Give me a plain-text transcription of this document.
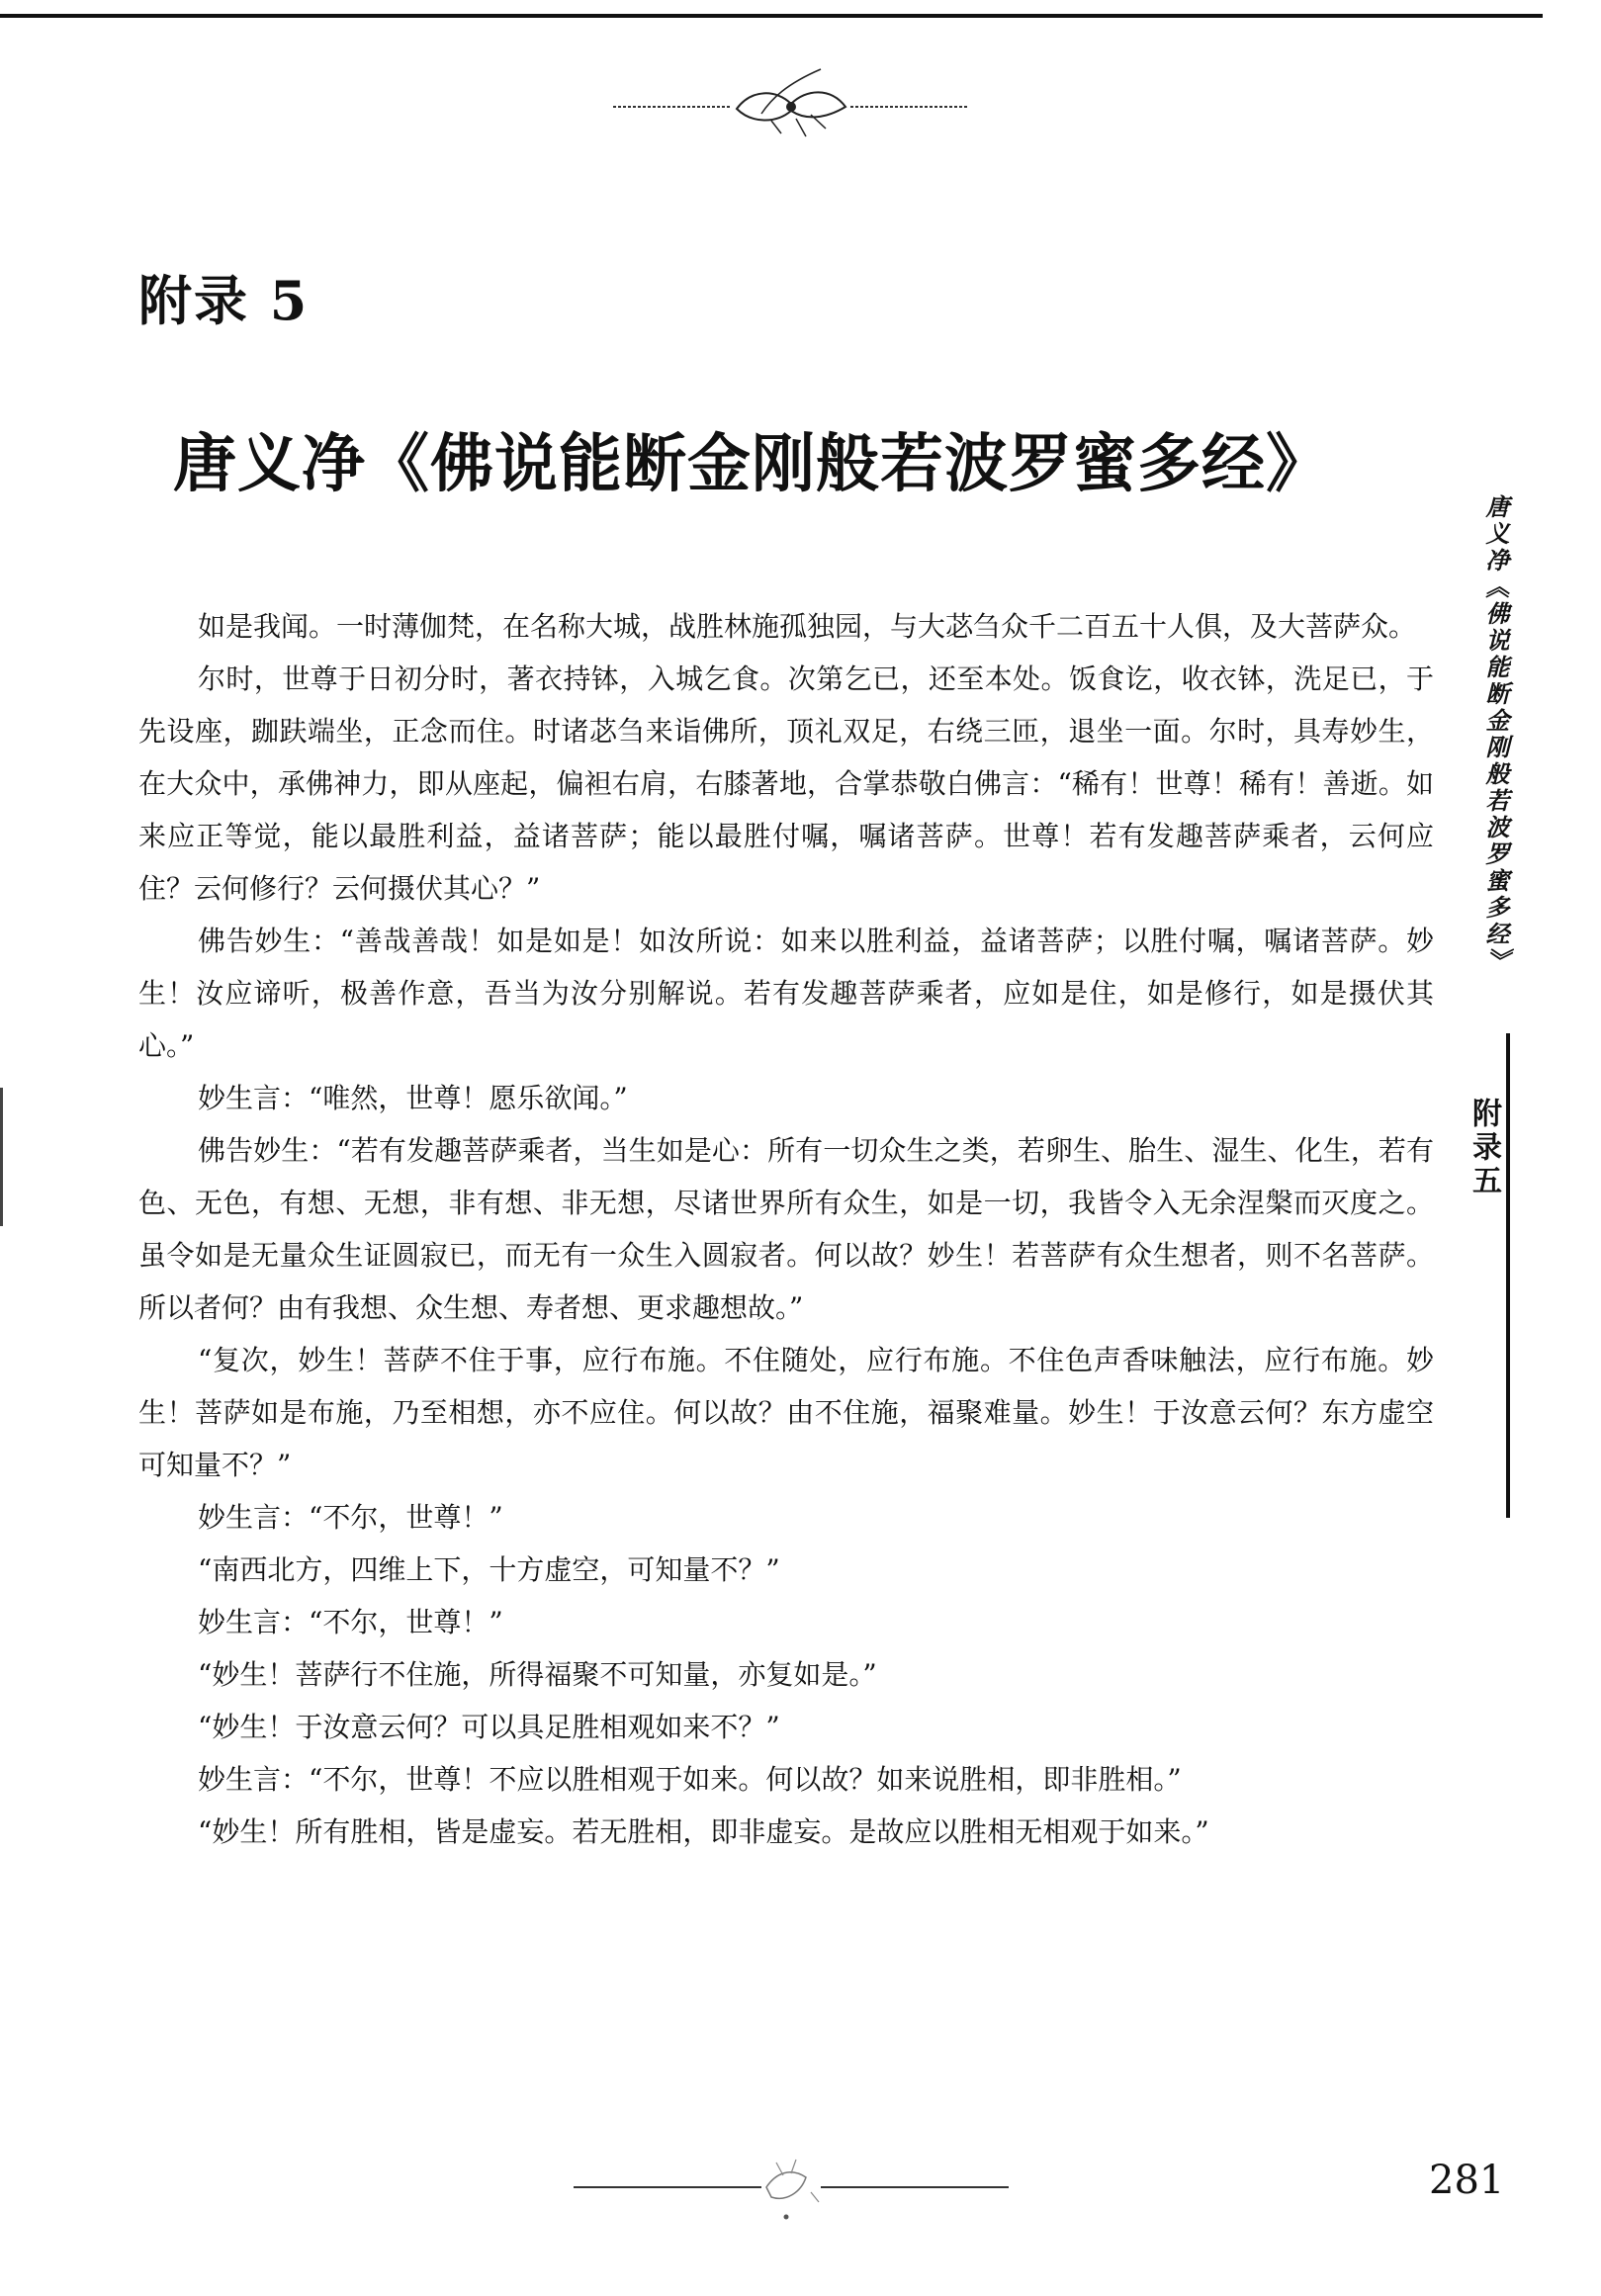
附录 5
唐义净《佛说能断金刚般若波罗蜜多经》

如是我闻。一时薄伽梵，在名称大城，战胜林施孤独园，与大苾刍众千二百五十人俱，及大菩萨众。

尔时，世尊于日初分时，著衣持钵，入城乞食。次第乞已，还至本处。饭食讫，收衣钵，洗足已，于先设座，跏趺端坐，正念而住。时诸苾刍来诣佛所，顶礼双足，右绕三匝，退坐一面。尔时，具寿妙生，在大众中，承佛神力，即从座起，偏袒右肩，右膝著地，合掌恭敬白佛言：“稀有！世尊！稀有！善逝。如来应正等觉，能以最胜利益，益诸菩萨；能以最胜付嘱，嘱诸菩萨。世尊！若有发趣菩萨乘者，云何应住？云何修行？云何摄伏其心？”

佛告妙生：“善哉善哉！如是如是！如汝所说：如来以胜利益，益诸菩萨；以胜付嘱，嘱诸菩萨。妙生！汝应谛听，极善作意，吾当为汝分别解说。若有发趣菩萨乘者，应如是住，如是修行，如是摄伏其心。”

妙生言：“唯然，世尊！愿乐欲闻。”

佛告妙生：“若有发趣菩萨乘者，当生如是心：所有一切众生之类，若卵生、胎生、湿生、化生，若有色、无色，有想、无想，非有想、非无想，尽诸世界所有众生，如是一切，我皆令入无余涅槃而灭度之。虽令如是无量众生证圆寂已，而无有一众生入圆寂者。何以故？妙生！若菩萨有众生想者，则不名菩萨。所以者何？由有我想、众生想、寿者想、更求趣想故。”

“复次，妙生！菩萨不住于事，应行布施。不住随处，应行布施。不住色声香味触法，应行布施。妙生！菩萨如是布施，乃至相想，亦不应住。何以故？由不住施，福聚难量。妙生！于汝意云何？东方虚空可知量不？”

妙生言：“不尔，世尊！”

“南西北方，四维上下，十方虚空，可知量不？”

妙生言：“不尔，世尊！”

“妙生！菩萨行不住施，所得福聚不可知量，亦复如是。”

“妙生！于汝意云何？可以具足胜相观如来不？”

妙生言：“不尔，世尊！不应以胜相观于如来。何以故？如来说胜相，即非胜相。”

“妙生！所有胜相，皆是虚妄。若无胜相，即非虚妄。是故应以胜相无相观于如来。”

唐义净《佛说能断金刚般若波罗蜜多经》
附录五
281
